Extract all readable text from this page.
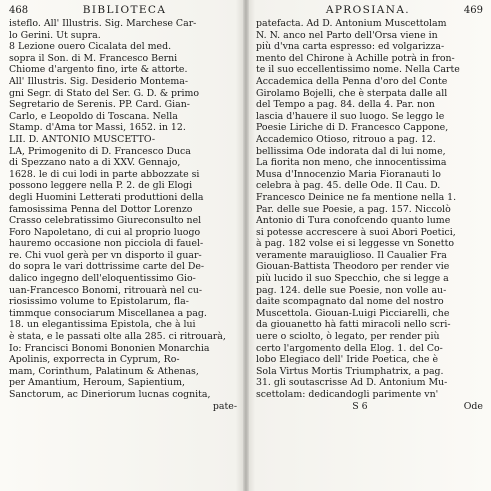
468	BIBLIOTECA
isteflo. All' Illustris. Sig. Marchese Car-
lo Gerini. Ut supra.
8 Lezione ouero Cicalata del med.
sopra il Son. di M. Francesco Berni
Chiome d'argento fino, irte & attorte.
All' Illustris. Sig. Desiderio Montema-
gni Segr. di Stato del Ser. G. D. & primo
Segretario de Serenis. PP. Card. Gian-
Carlo, e Leopoldo di Toscana. Nella
Stamp. d'Ama tor Massi, 1652. in 12.
LII. D. ANTONIO MUSCETTO-
LA, Primogenito di D. Francesco Duca
di Spezzano nato a di XXV. Gennajo,
1628. le di cui lodi in parte abbozzate si
possono leggere nella P. 2. de gli Elogi
degli Huomini Letterati produttioni della
famosissima Penna del Dottor Lorenzo
Crasso celebratissimo Giureconsulto nel
Foro Napoletano, di cui al proprio luogo
hauremo occasione non picciola di fauel-
re. Chi vuol gerà per vn disporto il guar-
do sopra le vari dottrissime carte del De-
dalico ingegno dell'eloquentissimo Gio-
uan-Francesco Bonomi, ritrouarà nel cu-
riosissimo volume to Epistolarum, fla-
timmque consociarum Miscellanea a pag.
18. un elegantissima Epistola, che à lui
è stata, e le passati olte alla 285. ci ritrouarà,
Io: Francisci Bonomi Bononien Monarchia
Apolinis, exporrecta in Cyprum, Ro-
mam, Corinthum, Palatinum & Athenas,
per Amantium, Heroum, Sapientium,
Sanctorum, ac Dineriorum lucnas cognita,
pate-
APROSIANA.	469
patefacta. Ad D. Antonium Muscettolam
N. N. anco nel Parto dell'Orsa viene in
più d'vna carta espresso: ed volgarizza-
mento del Chirone à Achille potrà in fron-
te il suo eccellentissimo nome. Nella Carte
Accademica della Penna d'oro del Conte
Girolamo Bojelli, che è sterpata dalle all
del Tempo a pag. 84. della 4. Par. non
lascia d'hauere il suo luogo. Se leggo le
Poesie Liriche di D. Francesco Cappone,
Accademico Otioso, ritrouo a pag. 12.
bellissima Ode indorata dal di lui nome,
La fiorita non meno, che innocentissima
Musa d'Innocenzio Maria Fioranauti lo
celebra à pag. 45. delle Ode. Il Cau. D.
Francesco Deinice ne fa mentione nella 1.
Par. delle sue Poesie, a pag. 157. Niccolò
Antonio di Tura conofcendo quanto lume
si potesse accrescere à suoi Abori Poetici,
à pag. 182 volse ei si leggesse vn Sonetto
veramente marauiglioso. Il Caualier Fra
Giouan-Battista Theodoro per render vie
più lucido il suo Specchio, che si legge a
pag. 124. delle sue Poesie, non volle au-
daite scompagnato dal nome del nostro
Muscettola. Giouan-Luigi Picciarelli, che
da giouanetto hà fatti miracoli nello scri-
uere o sciolto, ò legato, per render più
certo l'argomento della Elog. 1. del Co-
lobo Elegiaco dell' Iride Poetica, che è
Sola Virtus Mortis Triumphatrix, a pag.
31. gli soutascrisse Ad D. Antonium Mu-
scettolam: dedicandogli parimente vn'
S 6	Ode
